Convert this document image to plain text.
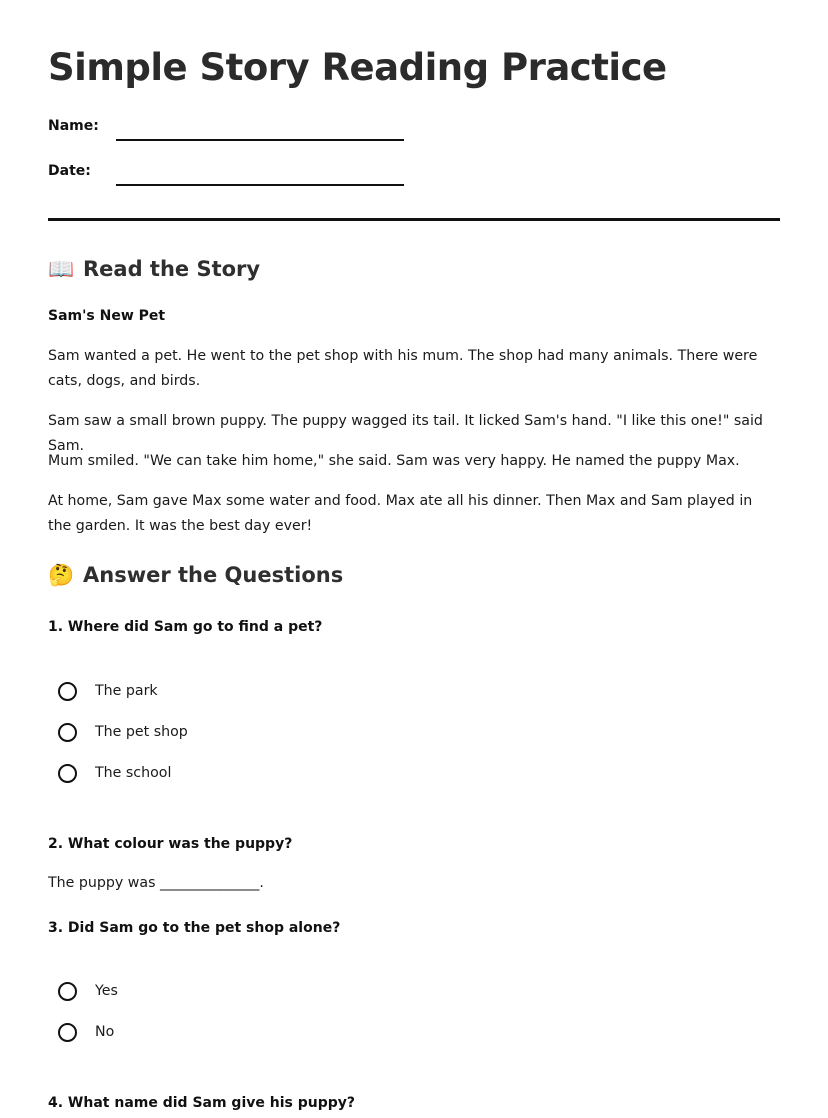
Simple Story Reading Practice
Name:
Date:
📖 Read the Story
Sam's New Pet

Sam wanted a pet. He went to the pet shop with his mum. The shop had many animals. There were cats, dogs, and birds.

Sam saw a small brown puppy. The puppy wagged its tail. It licked Sam's hand. "I like this one!" said Sam.

Mum smiled. "We can take him home," she said. Sam was very happy. He named the puppy Max.

At home, Sam gave Max some water and food. Max ate all his dinner. Then Max and Sam played in the garden. It was the best day ever!

🤔 Answer the Questions
1. Where did Sam go to find a pet?
The park
The pet shop
The school
2. What colour was the puppy?
The puppy was ______________.
3. Did Sam go to the pet shop alone?
Yes
No
4. What name did Sam give his puppy?
